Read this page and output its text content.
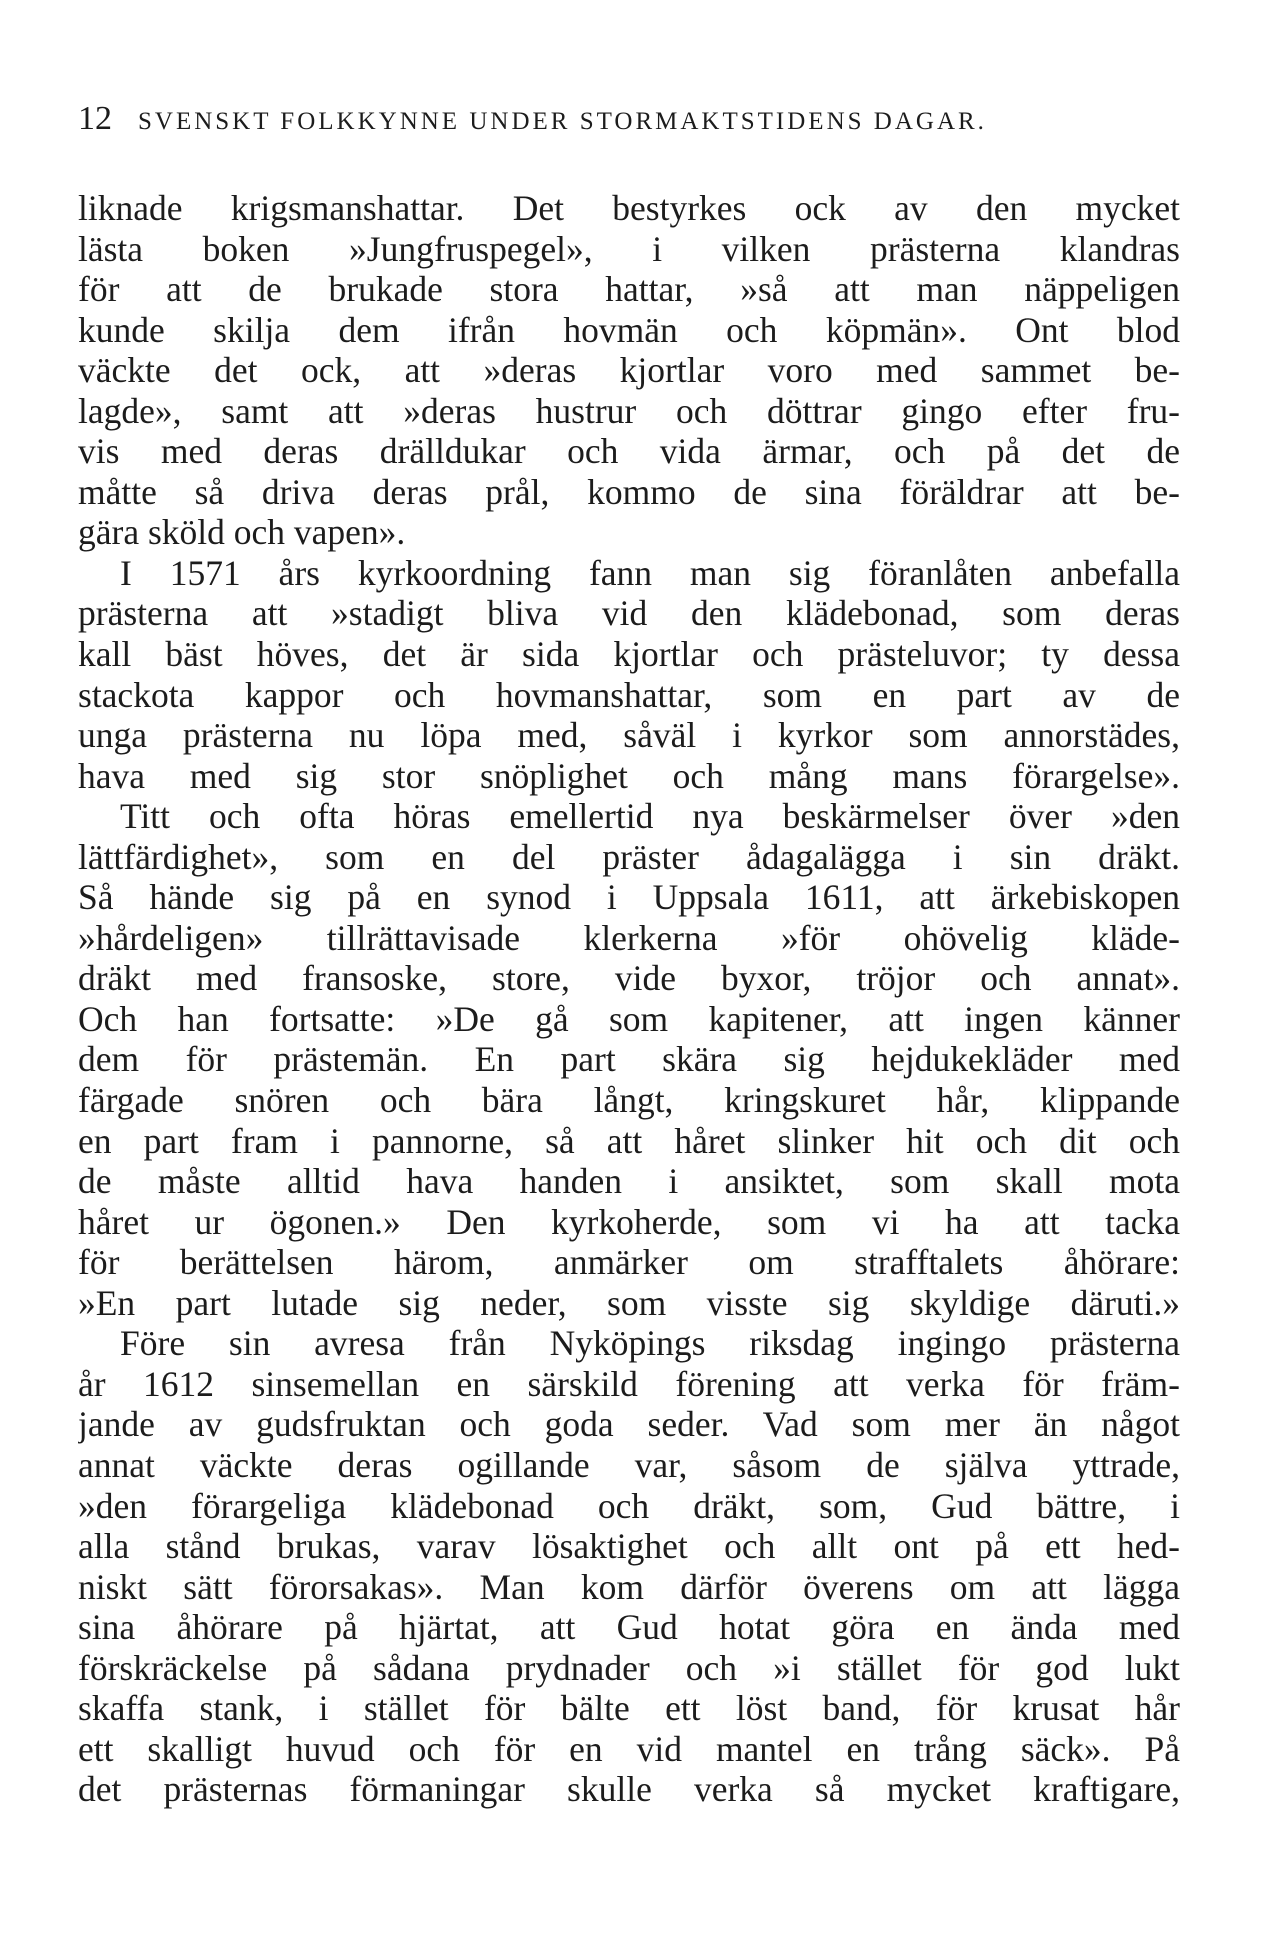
12 SVENSKT FOLKKYNNE UNDER STORMAKTSTIDENS DAGAR.
liknade krigsmanshattar. Det bestyrkes ock av den mycket
lästa boken »Jungfruspegel», i vilken prästerna klandras
för att de brukade stora hattar, »så att man näppeligen
kunde skilja dem ifrån hovmän och köpmän». Ont blod
väckte det ock, att »deras kjortlar voro med sammet be-
lagde», samt att »deras hustrur och döttrar gingo efter fru-
vis med deras drälldukar och vida ärmar, och på det de
måtte så driva deras prål, kommo de sina föräldrar att be-
gära sköld och vapen».
I 1571 års kyrkoordning fann man sig föranlåten anbefalla
prästerna att »stadigt bliva vid den klädebonad, som deras
kall bäst höves, det är sida kjortlar och prästeluvor; ty dessa
stackota kappor och hovmanshattar, som en part av de
unga prästerna nu löpa med, såväl i kyrkor som annorstädes,
hava med sig stor snöplighet och mång mans förargelse».
Titt och ofta höras emellertid nya beskärmelser över »den
lättfärdighet», som en del präster ådagalägga i sin dräkt.
Så hände sig på en synod i Uppsala 1611, att ärkebiskopen
»hårdeligen» tillrättavisade klerkerna »för ohövelig kläde-
dräkt med fransoske, store, vide byxor, tröjor och annat».
Och han fortsatte: »De gå som kapitener, att ingen känner
dem för prästemän. En part skära sig hejdukekläder med
färgade snören och bära långt, kringskuret hår, klippande
en part fram i pannorne, så att håret slinker hit och dit och
de måste alltid hava handen i ansiktet, som skall mota
håret ur ögonen.» Den kyrkoherde, som vi ha att tacka
för berättelsen härom, anmärker om strafftalets åhörare:
»En part lutade sig neder, som visste sig skyldige däruti.»
Före sin avresa från Nyköpings riksdag ingingo prästerna
år 1612 sinsemellan en särskild förening att verka för främ-
jande av gudsfruktan och goda seder. Vad som mer än något
annat väckte deras ogillande var, såsom de själva yttrade,
»den förargeliga klädebonad och dräkt, som, Gud bättre, i
alla stånd brukas, varav lösaktighet och allt ont på ett hed-
niskt sätt förorsakas». Man kom därför överens om att lägga
sina åhörare på hjärtat, att Gud hotat göra en ända med
förskräckelse på sådana prydnader och »i stället för god lukt
skaffa stank, i stället för bälte ett löst band, för krusat hår
ett skalligt huvud och för en vid mantel en trång säck». På
det prästernas förmaningar skulle verka så mycket kraftigare,
